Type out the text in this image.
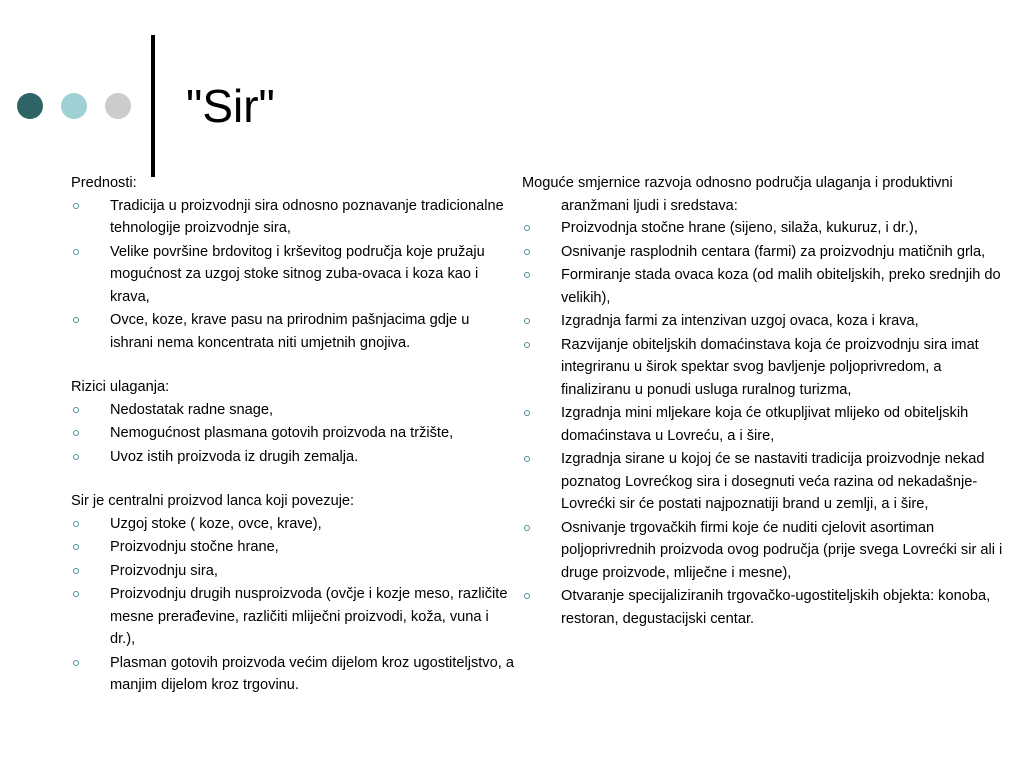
"Sir"

Prednosti:

Tradicija u proizvodnji sira odnosno poznavanje tradicionalne tehnologije proizvodnje sira,
Velike površine brdovitog i krševitog područja koje pružaju mogućnost za uzgoj stoke sitnog zuba-ovaca i koza kao i krava,
Ovce, koze, krave pasu na prirodnim pašnjacima gdje u ishrani nema koncentrata niti umjetnih gnojiva.

Rizici ulaganja:

Nedostatak radne snage,
Nemogućnost plasmana gotovih proizvoda na tržište,
Uvoz istih proizvoda iz drugih zemalja.

Sir je centralni proizvod lanca koji povezuje:

Uzgoj stoke ( koze, ovce, krave),
Proizvodnju stočne hrane,
Proizvodnju sira,
Proizvodnju drugih nusproizvoda (ovčje i kozje meso, različite mesne prerađevine, različiti mliječni proizvodi, koža, vuna i dr.),
Plasman gotovih proizvoda većim dijelom kroz ugostiteljstvo, a manjim dijelom kroz trgovinu.

Moguće smjernice razvoja odnosno područja ulaganja i produktivni aranžmani ljudi i sredstava:

Proizvodnja stočne hrane (sijeno, silaža, kukuruz, i dr.),
Osnivanje rasplodnih centara (farmi) za proizvodnju matičnih grla,
Formiranje stada ovaca koza (od malih obiteljskih, preko srednjih do velikih),
Izgradnja farmi za intenzivan uzgoj ovaca, koza i krava,
Razvijanje obiteljskih domaćinstava koja će proizvodnju sira imat integriranu u širok spektar svog bavljenje poljoprivredom, a finaliziranu u ponudi usluga ruralnog turizma,
Izgradnja mini mljekare koja će otkupljivat mlijeko od obiteljskih domaćinstava u Lovreću, a i šire,
Izgradnja sirane u kojoj će se nastaviti tradicija proizvodnje nekad poznatog Lovrećkog sira i dosegnuti veća razina od nekadašnje-Lovrećki sir će postati najpoznatiji brand u zemlji, a i šire,
Osnivanje trgovačkih firmi koje će nuditi cjelovit asortiman poljoprivrednih proizvoda ovog područja (prije svega Lovrećki sir ali i druge proizvode, mliječne i mesne),
Otvaranje specijaliziranih trgovačko-ugostiteljskih objekta: konoba, restoran, degustacijski centar.
